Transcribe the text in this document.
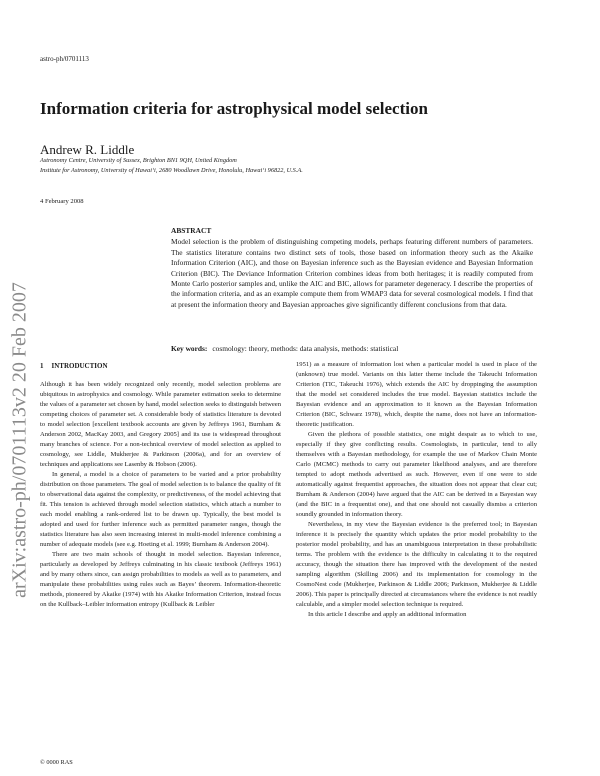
astro-ph/0701113
arXiv:astro-ph/0701113v2 20 Feb 2007
Information criteria for astrophysical model selection
Andrew R. Liddle
Astronomy Centre, University of Sussex, Brighton BN1 9QH, United Kingdom
Institute for Astronomy, University of Hawai‘i, 2680 Woodlawn Drive, Honolulu, Hawai‘i 96822, U.S.A.
4 February 2008
ABSTRACT

Model selection is the problem of distinguishing competing models, perhaps featuring different numbers of parameters. The statistics literature contains two distinct sets of tools, those based on information theory such as the Akaike Information Criterion (AIC), and those on Bayesian inference such as the Bayesian evidence and Bayesian Information Criterion (BIC). The Deviance Information Criterion combines ideas from both heritages; it is readily computed from Monte Carlo posterior samples and, unlike the AIC and BIC, allows for parameter degeneracy. I describe the properties of the information criteria, and as an example compute them from WMAP3 data for several cosmological models. I find that at present the information theory and Bayesian approaches give significantly different conclusions from that data.

Key words: cosmology: theory, methods: data analysis, methods: statistical
1 INTRODUCTION

Although it has been widely recognized only recently, model selection problems are ubiquitous in astrophysics and cosmology. While parameter estimation seeks to determine the values of a parameter set chosen by hand, model selection seeks to distinguish between competing choices of parameter set. A considerable body of statistics literature is devoted to model selection [excellent textbook accounts are given by Jeffreys 1961, Burnham & Anderson 2002, MacKay 2003, and Gregory 2005] and its use is widespread throughout many branches of science. For a non-technical overview of model selection as applied to cosmology, see Liddle, Mukherjee & Parkinson (2006a), and for an overview of techniques and applications see Lasenby & Hobson (2006).

In general, a model is a choice of parameters to be varied and a prior probability distribution on those parameters. The goal of model selection is to balance the quality of fit to observational data against the complexity, or predictiveness, of the model achieving that fit. This tension is achieved through model selection statistics, which attach a number to each model enabling a rank-ordered list to be drawn up. Typically, the best model is adopted and used for further inference such as permitted parameter ranges, though the statistics literature has also seen increasing interest in multi-model inference combining a number of adequate models (see e.g. Hoeting et al. 1999; Burnham & Anderson 2004).

There are two main schools of thought in model selection. Bayesian inference, particularly as developed by Jeffreys culminating in his classic textbook (Jeffreys 1961) and by many others since, can assign probabilities to models as well as to parameters, and manipulate these probabilities using rules such as Bayes’ theorem. Information-theoretic methods, pioneered by Akaike (1974) with his Akaike Information Criterion, instead focus on the Kullback–Leibler information entropy (Kullback & Leibler

1951) as a measure of information lost when a particular model is used in place of the (unknown) true model. Variants on this latter theme include the Takeuchi Information Criterion (TIC, Takeuchi 1976), which extends the AIC by droppinging the assumption that the model set considered includes the true model. Bayesian statistics include the Bayesian evidence and an approximation to it known as the Bayesian Information Criterion (BIC, Schwarz 1978), which, despite the name, does not have an information-theoretic justification.

Given the plethora of possible statistics, one might despair as to which to use, especially if they give conflicting results. Cosmologists, in particular, tend to ally themselves with a Bayesian methodology, for example the use of Markov Chain Monte Carlo (MCMC) methods to carry out parameter likelihood analyses, and are therefore tempted to adopt methods advertised as such. However, even if one were to side automatically against frequentist approaches, the situation does not appear that clear cut; Burnham & Anderson (2004) have argued that the AIC can be derived in a Bayesian way (and the BIC in a frequentist one), and that one should not casually dismiss a criterion soundly grounded in information theory.

Nevertheless, in my view the Bayesian evidence is the preferred tool; in Bayesian inference it is precisely the quantity which updates the prior model probability to the posterior model probability, and has an unambiguous interpretation in these probabilistic terms. The problem with the evidence is the difficulty in calculating it to the required accuracy, though the situation there has improved with the development of the nested sampling algorithm (Skilling 2006) and its implementation for cosmology in the CosmoNest code (Mukherjee, Parkinson & Liddle 2006; Parkinson, Mukherjee & Liddle 2006). This paper is principally directed at circumstances where the evidence is not readily calculable, and a simpler model selection technique is required.

In this article I describe and apply an additional information

© 0000 RAS
